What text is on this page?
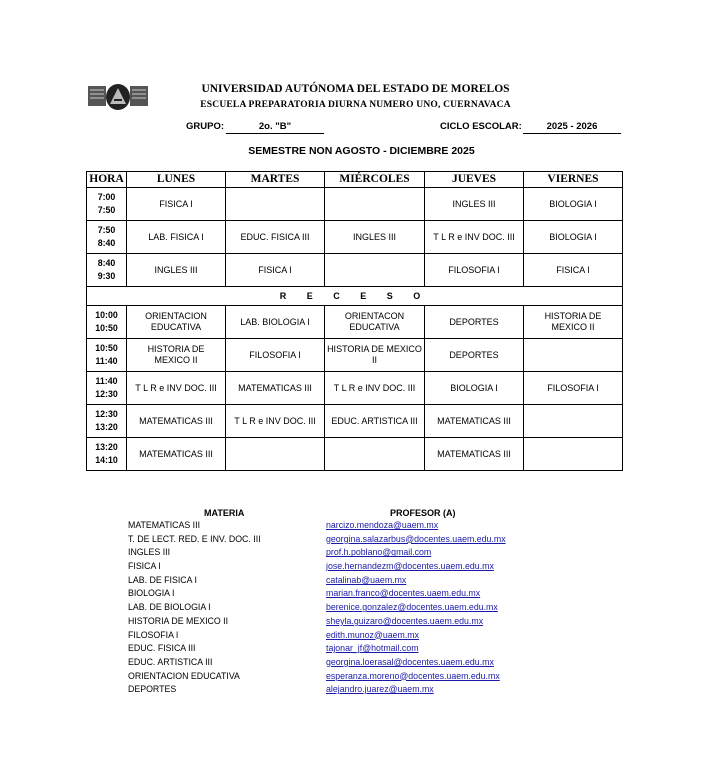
UNIVERSIDAD AUTÓNOMA DEL ESTADO DE MORELOS
ESCUELA PREPARATORIA DIURNA NUMERO UNO, CUERNAVACA
GRUPO:	2o. "B"	CICLO ESCOLAR:	2025 - 2026
SEMESTRE NON AGOSTO - DICIEMBRE 2025
HORA	LUNES	MARTES	MIÉRCOLES	JUEVES	VIERNES

7:00
7:50	FISICA I			INGLES III	BIOLOGIA I

7:50
8:40	LAB. FISICA I	EDUC. FISICA III	INGLES III	T L R e INV DOC. III	BIOLOGIA I

8:40
9:30	INGLES III	FISICA I		FILOSOFIA I	FISICA I
R E C E S O					

10:00
10:50	ORIENTACION EDUCATIVA	LAB. BIOLOGIA I	ORIENTACON EDUCATIVA	DEPORTES	HISTORIA DE MEXICO II

10:50
11:40	HISTORIA DE MEXICO II	FILOSOFIA I	HISTORIA DE MEXICO II	DEPORTES	

11:40
12:30	T L R e INV DOC. III	MATEMATICAS III	T L R e INV DOC. III	BIOLOGIA I	FILOSOFIA I

12:30
13:20	MATEMATICAS III	T L R e INV DOC. III	EDUC. ARTISTICA III	MATEMATICAS III	

13:20
14:10	MATEMATICAS III			MATEMATICAS III	
MATERIA	PROFESOR (A)
MATEMATICAS III	narcizo.mendoza@uaem.mx
T. DE LECT. RED. E INV. DOC. III	georgina.salazarbus@docentes.uaem.edu.mx
INGLES III	prof.h.poblano@gmail.com
FISICA I	jose.hernandezm@docentes.uaem.edu.mx
LAB. DE FISICA I	catalinab@uaem.mx
BIOLOGIA I	marian.franco@docentes.uaem.edu.mx
LAB. DE BIOLOGIA I	berenice.gonzalez@docentes.uaem.edu.mx
HISTORIA DE MEXICO II	sheyla.guizaro@docentes.uaem.edu.mx
FILOSOFIA I	edith.munoz@uaem.mx
EDUC. FISICA III	tajonar_jf@hotmail.com
EDUC. ARTISTICA III	georgina.loerasal@docentes.uaem.edu.mx
ORIENTACION EDUCATIVA	esperanza.moreno@docentes.uaem.edu.mx
DEPORTES	alejandro.juarez@uaem.mx
